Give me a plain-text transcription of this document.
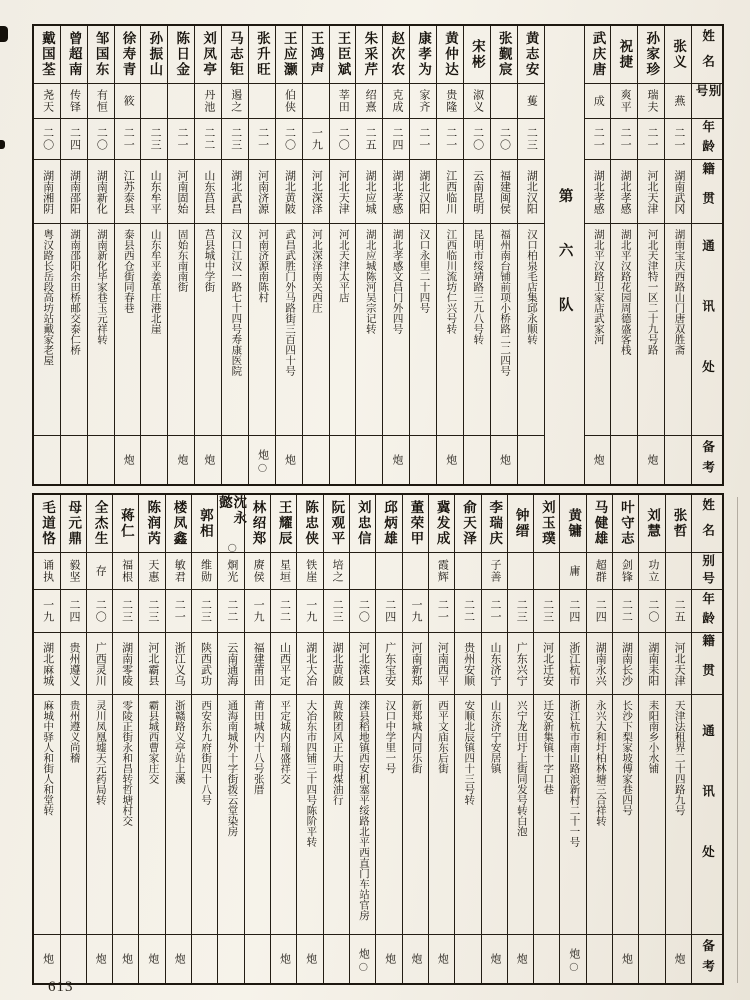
姓名
别号
年龄
籍贯
通讯处
备考
张义
燕
二一
湖南武冈
湖南宝庆西路山门唐双胜斋
孙家珍
瑞夫
二一
河北天津
河北天津特一区二十九号路
炮
祝捷
爽平
二一
湖北孝感
湖北平汉路花园周德盛客栈
武庆唐
成
二一
湖北孝感
湖北平汉路卫家店武家河
炮
第六队
黄志安
蒦
二三
湖北汉阳
汉口柏泉毛店集邱永顺转
张觐宸
二〇
福建闽侯
福州南台铺前项小桥路二二四号
炮
宋彬
淑义
二〇
云南昆明
昆明市绥靖路三九八号转
黄仲达
贵隆
二一
江西临川
江西临川流坊仁兴号转
炮
康孝为
家齐
二一
湖北汉阳
汉口永里二十四号
赵次农
克成
二四
湖北孝感
湖北孝感文昌门外四号
炮
朱采芹
绍熹
二五
湖北应城
湖北应城陈河吴宗记转
王臣斌
莘田
二〇
河北天津
河北天津太平店
王鸿声
一九
河北深泽
河北深泽南关西庄
王应灏
伯侠
二〇
湖北黄陂
武昌武胜门外马路街三百四十号
炮
张升旺
二一
河南济源
河南济源南陈村
炮
◯
马志钜
遏之
二三
湖北武昌
汉口江汉一路七十四号寿康医院
刘凤亭
丹池
二二
山东莒县
莒县城中学街
炮
陈日金
二一
河南固始
固始东南南街
炮
孙振山
二三
山东牟平
山东牟平姜革庄港北崖
徐寿青
筱
二一
江苏泰县
泰县西仓街同春巷
炮
邹国东
有恒
二〇
湖南新化
湖南新化毕家巷玉元祥转
曾超南
传铎
二四
湖南邵阳
湖南邵阳余田桥邮交泰仁桥
戴国荃
尧天
二〇
湖南湘阴
粤汉路长岳段高坊站戴家老屋
姓名
别号
年龄
籍贯
通讯处
备考
张哲
二五
河北天津
天津法租界二十四路九号
炮
刘慧
功立
二〇
湖南耒阳
耒阳南乡小水铺
叶守志
剑锋
二二
湖南长沙
长沙下梨家坡傅家巷四号
炮
马健雄
超群
二四
湖南永兴
永兴大和圩柏林塘三合祥转
黄镛
庸
二四
浙江杭市
浙江杭市南山路浪新村二十一号
炮
◯
刘玉璞
二三
河北迁安
迁安新集镇十字口巷
钟缙
二三
广东兴宁
兴宁龙田圩上街同发号转白泡
炮
李瑞庆
子善
二一
山东济宁
山东济宁安居镇
炮
俞天泽
二二
贵州安顺
安顺北辰镇四十三号转
冀发成
霞辉
二一
河南西平
西平文庙东后街
炮
董荣甲
一九
河南新郑
新郑城内同乐街
炮
邱炳雄
二四
广东宝安
汉口中学里一号
炮
刘忠信
二〇
河北滦县
滦县稻地镇西安机塞平绥路北平西直门车站官房
炮
◯
阮观平
培之
二三
湖北黄陂
黄陂团风正大明煤油行
陈忠侠
铁崖
一九
湖北大冶
大冶东市四铺三十四号陈阶平转
炮
王耀辰
星垣
二二
山西平定
平定城内瑞盛祥交
炮
林绍郑
赓侯
一九
福建莆田
莆田城内十八号张厝
沈永懿
◯
烱光
二二
云南通海
通海南城外十字街拨云堂染房
郭相
维勋
二三
陕西武功
西安东九府街四十八号
楼凤鑫
敏君
二一
浙江义乌
浙赣路义亭站上溪
炮
陈润芮
天惠
二三
河北霸县
霸县城西曹家庄交
炮
蒋仁
福根
二三
湖南零陵
零陵正街永和昌转哲塘村交
炮
全杰生
存
二〇
广西灵川
灵川凤凰墟天元药局转
炮
母元鼎
毅坚
二四
贵州遵义
贵州遵义尚稽
毛道恪
诵执
一九
湖北麻城
麻城中驿人和街人和堂转
炮
613
